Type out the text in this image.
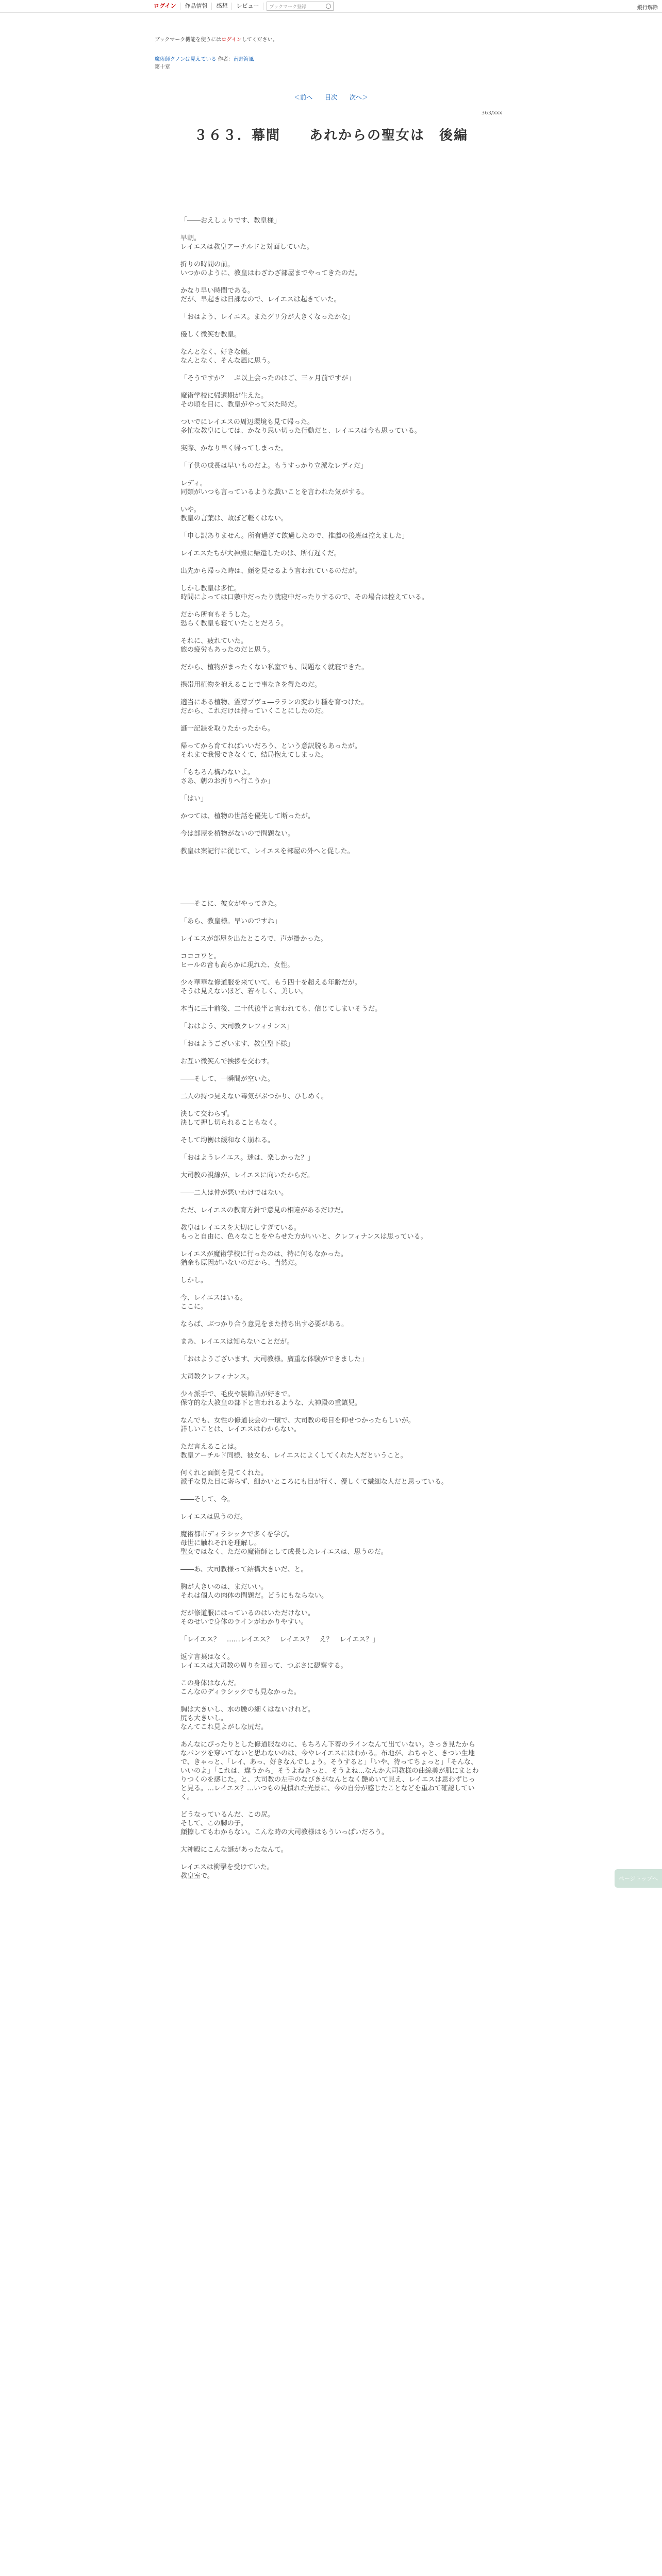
ログイン	作品情報	感想	レビュー	ブックマーク登録	縦行解除
ブックマーク機能を使うにはログインしてください。
魔術師クノンは見えている 作者：南野海風
第十章
＜前へ 目次 次へ＞
363/xxx
３６３．幕間　　あれからの聖女は　後編

「――おえしょりです、教皇様」

早朝。
レイエスは教皇アーチルドと対面していた。

折りの時間の前。
いつかのように、教皇はわざわざ部屋までやってきたのだ。

かなり早い時間である。
だが、早起きは日課なので、レイエスは起きていた。

「おはよう、レイエス。またグリ分が大きくなったかな」

優しく微笑む教皇。

なんとなく、好きな顔。
なんとなく、そんな風に思う。

「そうですか？　ぷ以上会ったのはご、三ヶ月前ですが」

魔術学校に帰還期が生えた。
その頃を目に、教皇がやって来た時だ。

ついでにレイエスの周辺環境も見て帰った。
多忙な教皇にしては、かなり思い切った行動だと、レイエスは今も思っている。

実際、かなり早く帰ってしまった。

「子供の成長は早いものだよ。もうすっかり立派なレディだ」

レディ。
同類がいつも言っているような戯いことを言われた気がする。

いや。
教皇の言葉は、故ぼど軽くはない。

「申し訳ありません。所有過ぎて飲過したので、推薦の後班は控えました」

レイエスたちが大神殿に帰還したのは、所有遅くだ。

出先から帰った時は、顔を見せるよう言われているのだが。

しかし教皇は多忙。
時間によっては口敷中だったり就寝中だったりするので、その場合は控えている。

だから所有もそうした。
恐らく教皇も寝ていたことだろう。

それに、疲れていた。
旅の疲労もあったのだと思う。

だから、植物がまったくない私室でも、問題なく就寝できた。

携帯用植物を抱えることで事なきを得たのだ。

適当にある植物、霊芽プヴュ―ラランの変わり種を育つけた。
だから、これだけは持っていくことにしたのだ。

謎一記録を取りたかったから。

帰ってから育てればいいだろう、という意訳脱もあったが。
それまで我慢できなくて、結局抱えてしまった。

「もちろん構わないよ。
さあ、朝のお折りへ行こうか」

「はい」

かつては、植物の世話を優先して断ったが。

今は部屋を植物がないので問題ない。

教皇は案記行に従じて、レイエスを部屋の外へと促した。

――そこに、彼女がやってきた。

「あら、教皇様。早いのですね」

レイエスが部屋を出たところで、声が掛かった。

コココワと。
ヒールの音も高らかに現れた、女性。

少々華華な修道服を来ていて、もう四十を超える年齢だが。
そうは見えないほど、若々しく、美しい。

本当に三十前後、二十代後半と言われても、信じてしまいそうだ。

「おはよう、大司教クレフィナンス」

「おはようございます、教皇聖下様」

お互い微笑んで挨拶を交わす。

――そして、一瞬間が空いた。

二人の持つ見えない毒気がぶつかり、ひしめく。

決して交わらず。
決して押し切られることもなく。

そして均衡は緩和なく崩れる。

「おはようレイエス。迷は、楽しかった？」

大司教の視線が、レイエスに向いたからだ。

――二人は仲が悪いわけではない。

ただ、レイエスの教育方針で意見の相違があるだけだ。

教皇はレイエスを大切にしすぎている。
もっと自由に、色々なことをやらせた方がいいと、クレフィナンスは思っている。

レイエスが魔術学校に行ったのは、特に何もなかった。
猶余も原因がいないのだから、当然だ。

しかし。

今、レイエスはいる。
ここに。

ならば、ぶつかり合う意見をまた持ち出す必要がある。

まあ、レイエスは知らないことだが。

「おはようございます、大司教様。廣重な体験ができました」

大司教クレフィナンス。

少々派手で、毛皮や装飾品が好きで。
保守的な大教皇の部下と言われるような、大神殿の重鎮児。

なんでも、女性の修道長会の一環で、大司教の母目を仰せつかったらしいが。
詳しいことは、レイエスはわからない。

ただ言えることは。
教皇アーチルド同様、彼女も、レイエスによくしてくれた人だということ。

何くれと面倒を見てくれた。
派手な見た目に寄らず、細かいところにも目が行く、優しくて繊細な人だと思っている。

――そして、今。

レイエスは思うのだ。

魔術都市ディラシックで多くを学び。
母世に触れそれを理解し。
聖女ではなく、ただの魔術師として成長したレイエスは、思うのだ。

――あ、大司教様って結構大きいだ、と。

胸が大きいのは、まだいい。
それは個人の肉体の問題だ。どうにもならない。

だが修道服にはっているのはいただけない。
そのせいで身体のラインがわかりやすい。

「レイエス？　……レイエス？　レイエス？　え？　レイエス？」

返す言葉はなく。
レイエスは大司教の周りを回って、つぶさに観察する。

この身体はなんだ。
こんなのディラシックでも見なかった。

胸は大きいし、水の腰の細くはないけれど。
尻も大きいし。
なんてこれ見よがしな尻だ。

あんなにぴったりとした修道服なのに、もちろん下着のラインなんて出ていない。さっき見たからなパンツを穿いてないと思わないのは、今やレイエスにはわかる。布地が、ねちゃと、きつい生地で、きゃっと、「レイ、あっ、好きなんでしょう。そうすると」「いや、待ってちょっと」「そんな、いいのよ」「これは、違うから」そうよねきっと、そうよね…なんか大司教様の曲線美が肌にまとわりつくのを感じた。と、大司教の左手のなびきがなんとなく艶めいて見え、レイエスは思わずじっと見る。…レイエス？…いつもの見慣れた光景に、今の自分が感じたことなどを重ねて確認していく。

どうなっているんだ、この尻。
そして、この脚の子。
顔擦してもわからない。こんな時の大司教様はもういっぱいだろう。

大神殿にこんな謎があったなんて。

レイエスは衝撃を受けていた。
教皇室で。	ページトップへ
